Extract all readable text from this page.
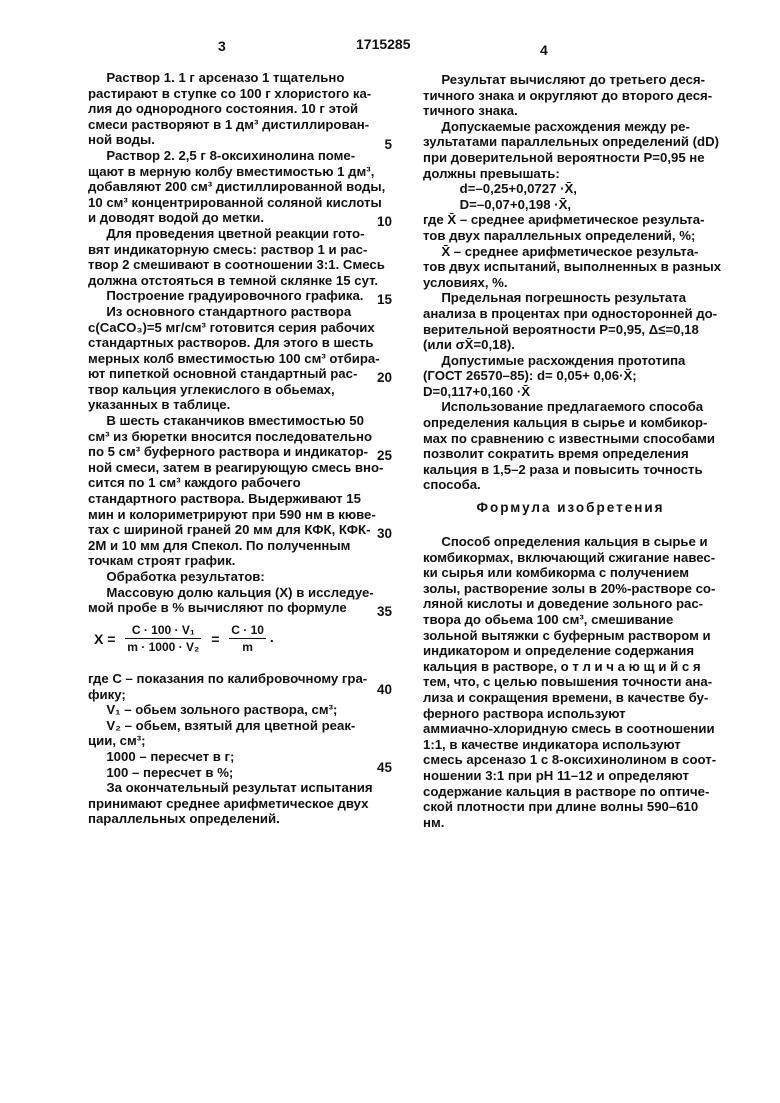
3	1715285	4

Раствор 1. 1 г арсеназо 1 тщательно

растирают в ступке со 100 г хлористого ка-

лия до однородного состояния. 10 г этой

смеси растворяют в 1 дм³ дистиллирован-

ной воды.

Раствор 2. 2,5 г 8-оксихинолина поме-

щают в мерную колбу вместимостью 1 дм³,

добавляют 200 см³ дистиллированной воды,

10 см³ концентрированной соляной кислоты

и доводят водой до метки.

Для проведения цветной реакции гото-

вят индикаторную смесь: раствор 1 и рас-

твор 2 смешивают в соотношении 3:1. Смесь

должна отстояться в темной склянке 15 сут.

Построение градуировочного графика.

Из основного стандартного раствора

c(CaCO₃)=5 мг/см³ готовится серия рабочих

стандартных растворов. Для этого в шесть

мерных колб вместимостью 100 см³ отбира-

ют пипеткой основной стандартный рас-

твор кальция углекислого в обьемах,

указанных в таблице.

В шесть стаканчиков вместимостью 50

см³ из бюретки вносится последовательно

по 5 см³ буферного раствора и индикатор-

ной смеси, затем в реагирующую смесь вно-

сится по 1 см³ каждого рабочего

стандартного раствора. Выдерживают 15

мин и колориметрируют при 590 нм в кюве-

тах с шириной граней 20 мм для КФК, КФК-

2М и 10 мм для Спекол. По полученным

точкам строят график.

Обработка результатов:

Массовую долю кальция (X) в исследуе-

мой пробе в % вычисляют по формуле

$X = \frac{\text{C · 100 · V₁}}{\text{m · 1000 · V₂}} = \frac{C \cdot 10}{m}$ .

где C – показания по калибровочному гра-

фику;

V₁ – обьем зольного раствора, см³;

V₂ – обьем, взятый для цветной реак-

ции, см³;

1000 – пересчет в г;

100 – пересчет в %;

За окончательный результат испытания

принимают среднее арифметическое двух

параллельных определений.

Результат вычисляют до третьего деся-

тичного знака и округляют до второго деся-

тичного знака.

Допускаемые расхождения между ре-

зультатами параллельных определений (dD)

при доверительной вероятности P=0,95 не

должны превышать:

d=–0,25+0,0727 ·X̄,

D=–0,07+0,198 ·X̄,

где X̄ – среднее арифметическое результа-

тов двух параллельных определений, %;

X̄ – среднее арифметическое результа-

тов двух испытаний, выполненных в разных

условиях, %.

Предельная погрешность результата

анализа в процентах при односторонней до-

верительной вероятности P=0,95, Δ≤=0,18

(или σX̄=0,18).

Допустимые расхождения прототипа

(ГОСТ 26570–85): d= 0,05+ 0,06·X̄;

D=0,117+0,160 ·X̄

Использование предлагаемого способа

определения кальция в сырье и комбикор-

мах по сравнению с известными способами

позволит сократить время определения

кальция в 1,5–2 раза и повысить точность

способа.

Формула изобретения

Способ определения кальция в сырье и

комбикормах, включающий сжигание навес-

ки сырья или комбикорма с получением

золы, растворение золы в 20%-растворе со-

ляной кислоты и доведение зольного рас-

твора до обьема 100 см³, смешивание

зольной вытяжки с буферным раствором и

индикатором и определение содержания

кальция в растворе, о т л и ч а ю щ и й с я

тем, что, с целью повышения точности ана-

лиза и сокращения времени, в качестве бу-

ферного раствора используют

аммиачно-хлоридную смесь в соотношении

1:1, в качестве индикатора используют

смесь арсеназо 1 с 8-оксихинолином в соот-

ношении 3:1 при pH 11–12 и определяют

содержание кальция в растворе по оптиче-

ской плотности при длине волны 590–610

нм.

5
10
15
20
25
30
35
40
45
